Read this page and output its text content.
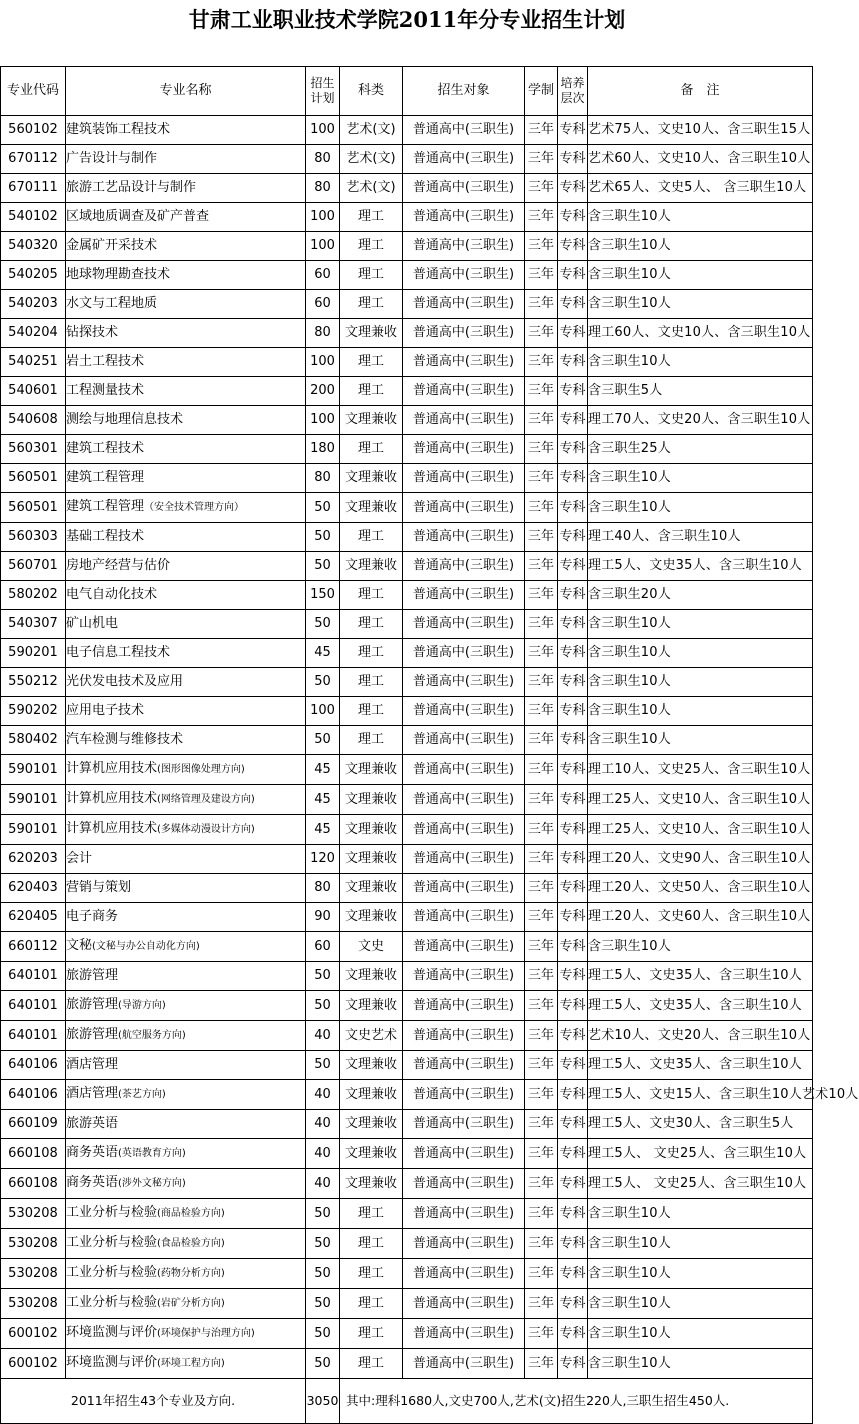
甘肃工业职业技术学院2011年分专业招生计划
专业代码	专业名称	招生计划	科类	招生对象	学制	培养层次	备　注
560102	建筑装饰工程技术	100	艺术(文)	普通高中(三职生)	三年	专科	艺术75人、文史10人、含三职生15人
670112	广告设计与制作	80	艺术(文)	普通高中(三职生)	三年	专科	艺术60人、文史10人、含三职生10人
670111	旅游工艺品设计与制作	80	艺术(文)	普通高中(三职生)	三年	专科	艺术65人、文史5人、 含三职生10人
540102	区域地质调查及矿产普查	100	理工	普通高中(三职生)	三年	专科	含三职生10人
540320	金属矿开采技术	100	理工	普通高中(三职生)	三年	专科	含三职生10人
540205	地球物理勘查技术	60	理工	普通高中(三职生)	三年	专科	含三职生10人
540203	水文与工程地质	60	理工	普通高中(三职生)	三年	专科	含三职生10人
540204	钻探技术	80	文理兼收	普通高中(三职生)	三年	专科	理工60人、文史10人、含三职生10人
540251	岩土工程技术	100	理工	普通高中(三职生)	三年	专科	含三职生10人
540601	工程测量技术	200	理工	普通高中(三职生)	三年	专科	含三职生5人
540608	测绘与地理信息技术	100	文理兼收	普通高中(三职生)	三年	专科	理工70人、文史20人、含三职生10人
560301	建筑工程技术	180	理工	普通高中(三职生)	三年	专科	含三职生25人
560501	建筑工程管理	80	文理兼收	普通高中(三职生)	三年	专科	含三职生10人
560501	建筑工程管理（安全技术管理方向）	50	文理兼收	普通高中(三职生)	三年	专科	含三职生10人
560303	基础工程技术	50	理工	普通高中(三职生)	三年	专科	理工40人、含三职生10人
560701	房地产经营与估价	50	文理兼收	普通高中(三职生)	三年	专科	理工5人、文史35人、含三职生10人
580202	电气自动化技术	150	理工	普通高中(三职生)	三年	专科	含三职生20人
540307	矿山机电	50	理工	普通高中(三职生)	三年	专科	含三职生10人
590201	电子信息工程技术	45	理工	普通高中(三职生)	三年	专科	含三职生10人
550212	光伏发电技术及应用	50	理工	普通高中(三职生)	三年	专科	含三职生10人
590202	应用电子技术	100	理工	普通高中(三职生)	三年	专科	含三职生10人
580402	汽车检测与维修技术	50	理工	普通高中(三职生)	三年	专科	含三职生10人
590101	计算机应用技术(图形图像处理方向)	45	文理兼收	普通高中(三职生)	三年	专科	理工10人、文史25人、含三职生10人
590101	计算机应用技术(网络管理及建设方向)	45	文理兼收	普通高中(三职生)	三年	专科	理工25人、文史10人、含三职生10人
590101	计算机应用技术(多媒体动漫设计方向)	45	文理兼收	普通高中(三职生)	三年	专科	理工25人、文史10人、含三职生10人
620203	会计	120	文理兼收	普通高中(三职生)	三年	专科	理工20人、文史90人、含三职生10人
620403	营销与策划	80	文理兼收	普通高中(三职生)	三年	专科	理工20人、文史50人、含三职生10人
620405	电子商务	90	文理兼收	普通高中(三职生)	三年	专科	理工20人、文史60人、含三职生10人
660112	文秘(文秘与办公自动化方向)	60	文史	普通高中(三职生)	三年	专科	含三职生10人
640101	旅游管理	50	文理兼收	普通高中(三职生)	三年	专科	理工5人、文史35人、含三职生10人
640101	旅游管理(导游方向)	50	文理兼收	普通高中(三职生)	三年	专科	理工5人、文史35人、含三职生10人
640101	旅游管理(航空服务方向)	40	文史艺术	普通高中(三职生)	三年	专科	艺术10人、文史20人、含三职生10人
640106	酒店管理	50	文理兼收	普通高中(三职生)	三年	专科	理工5人、文史35人、含三职生10人
640106	酒店管理(茶艺方向)	40	文理兼收	普通高中(三职生)	三年	专科	理工5人、文史15人、含三职生10人艺术10人
660109	旅游英语	40	文理兼收	普通高中(三职生)	三年	专科	理工5人、文史30人、含三职生5人
660108	商务英语(英语教育方向)	40	文理兼收	普通高中(三职生)	三年	专科	理工5人、 文史25人、含三职生10人
660108	商务英语(涉外文秘方向)	40	文理兼收	普通高中(三职生)	三年	专科	理工5人、 文史25人、含三职生10人
530208	工业分析与检验(商品检验方向)	50	理工	普通高中(三职生)	三年	专科	含三职生10人
530208	工业分析与检验(食品检验方向)	50	理工	普通高中(三职生)	三年	专科	含三职生10人
530208	工业分析与检验(药物分析方向)	50	理工	普通高中(三职生)	三年	专科	含三职生10人
530208	工业分析与检验(岩矿分析方向)	50	理工	普通高中(三职生)	三年	专科	含三职生10人
600102	环境监测与评价(环境保护与治理方向)	50	理工	普通高中(三职生)	三年	专科	含三职生10人
600102	环境监测与评价(环境工程方向)	50	理工	普通高中(三职生)	三年	专科	含三职生10人
2011年招生43个专业及方向.		3050	其中:理科1680人,文史700人,艺术(文)招生220人,三职生招生450人.				
